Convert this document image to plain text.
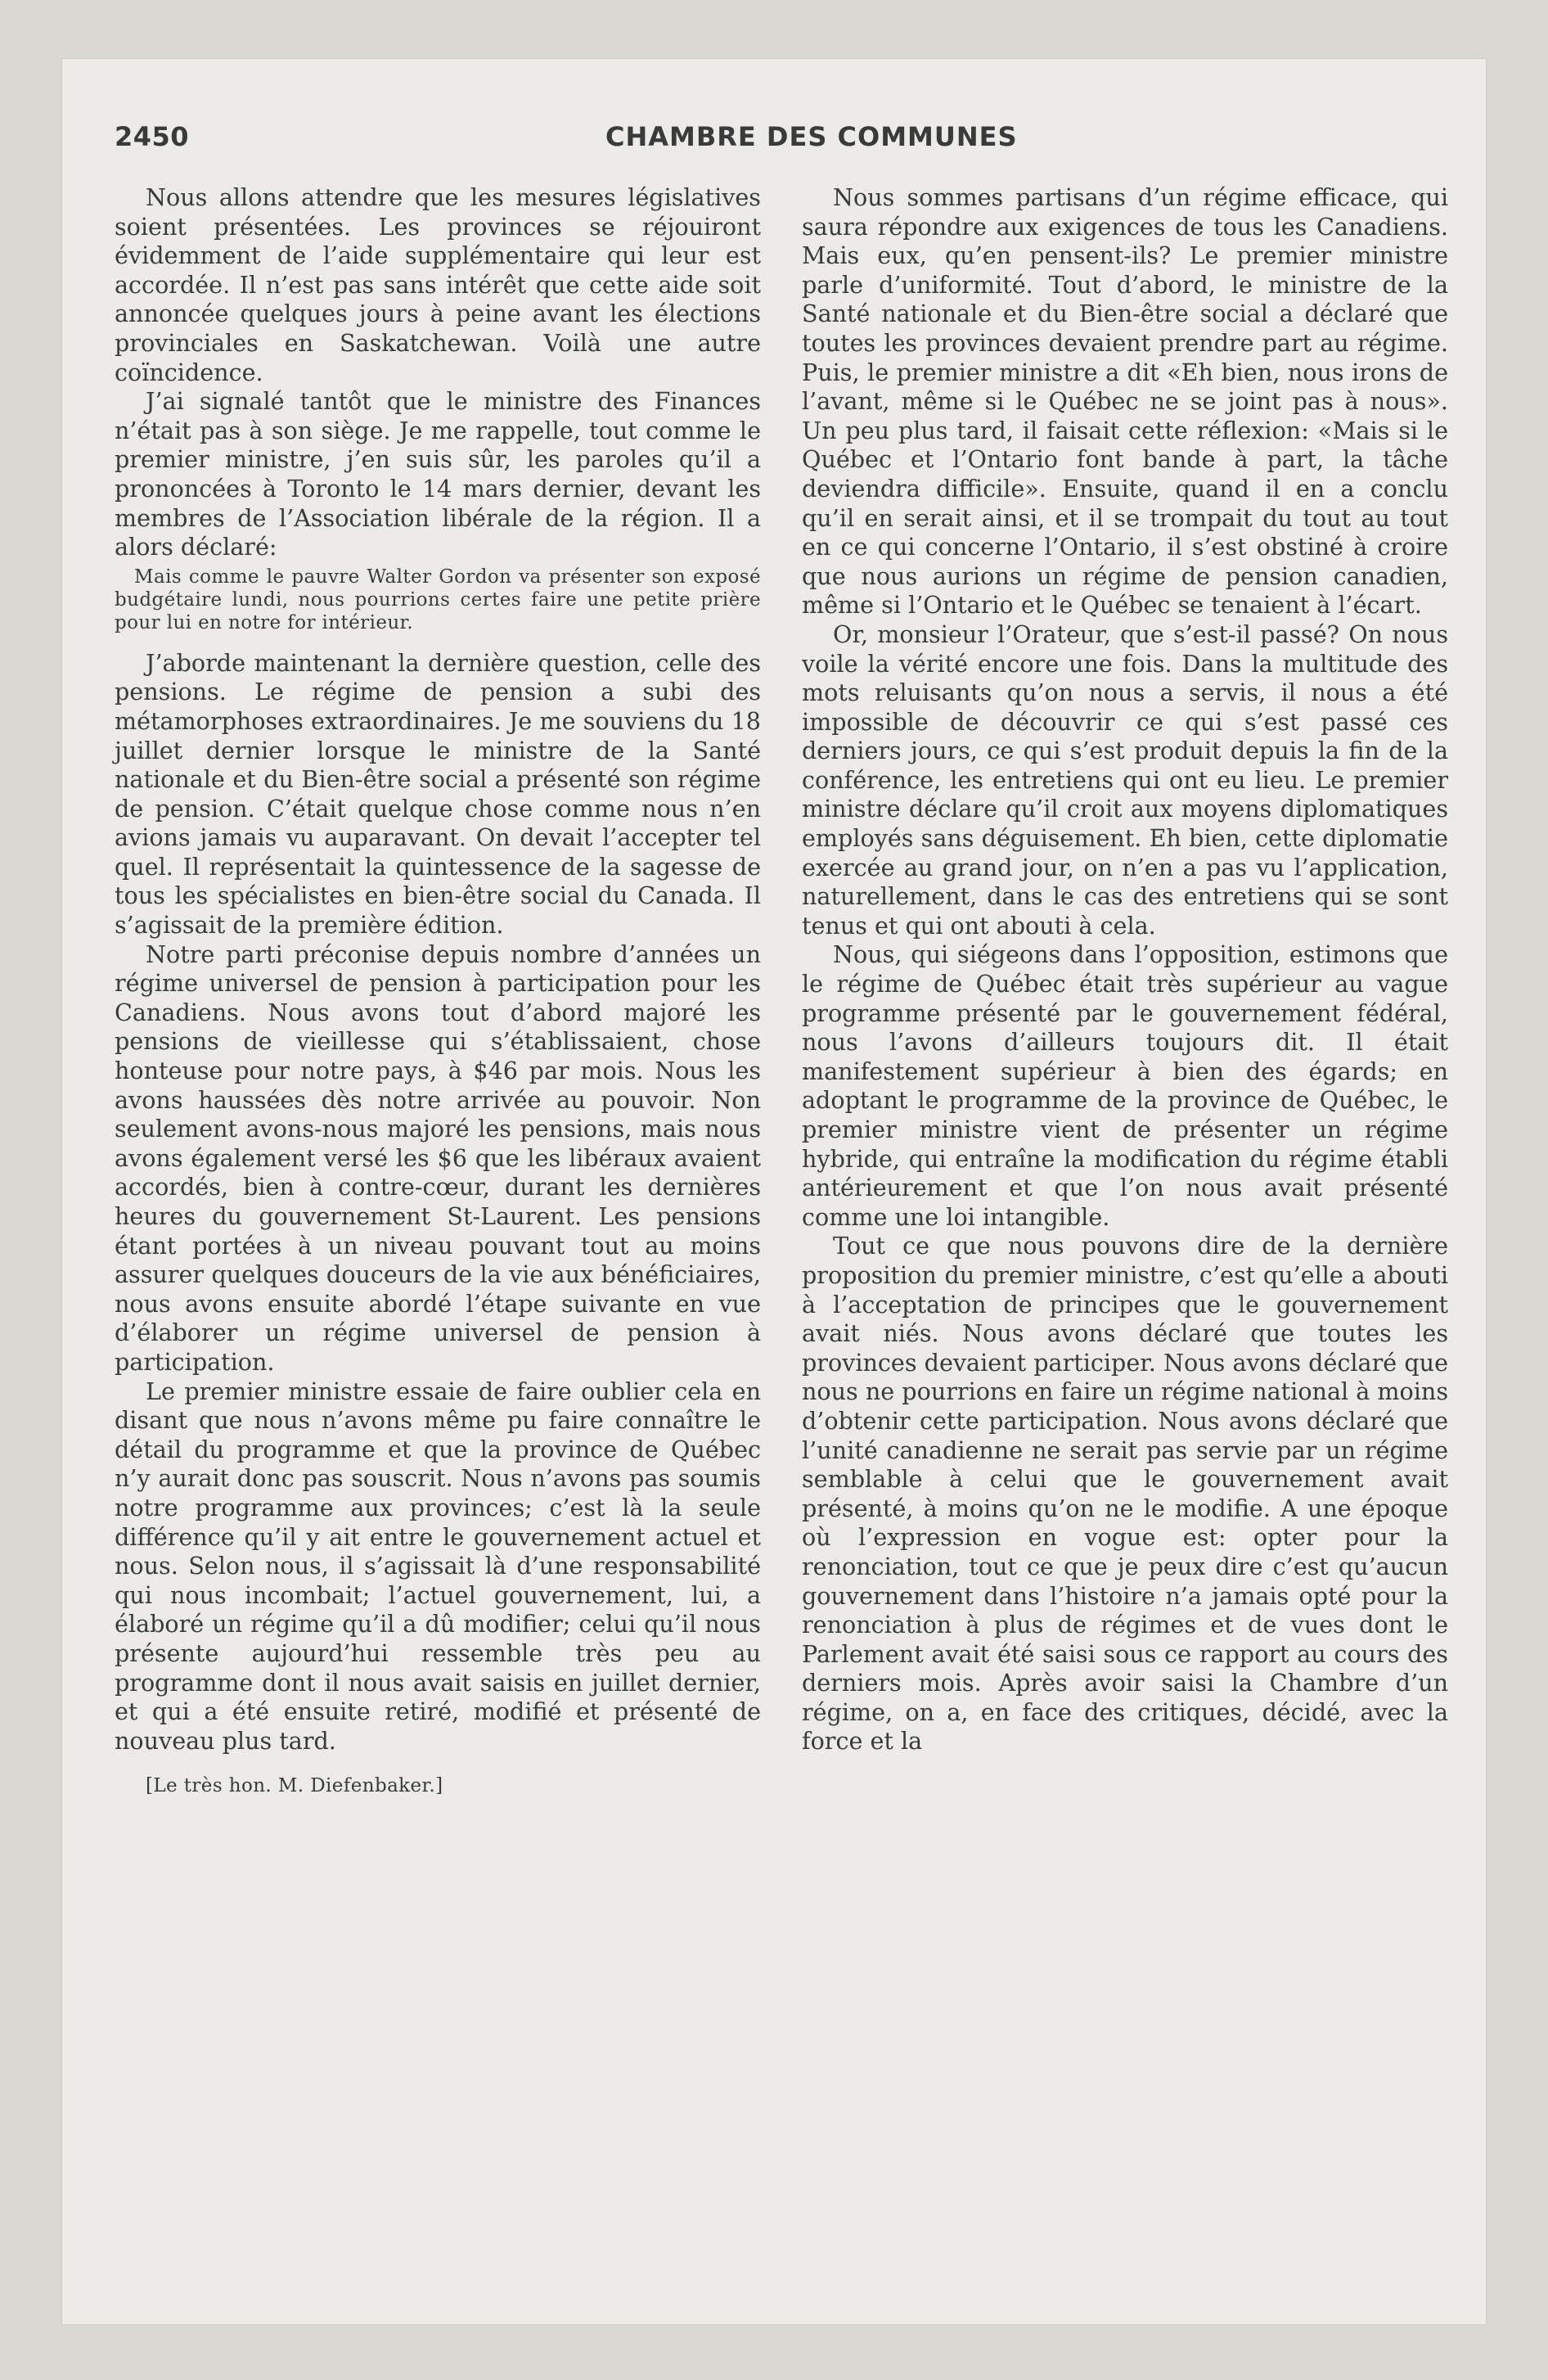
2450	CHAMBRE DES COMMUNES

Nous allons attendre que les mesures législatives soient présentées. Les provinces se réjouiront évidemment de l’aide supplémentaire qui leur est accordée. Il n’est pas sans intérêt que cette aide soit annoncée quelques jours à peine avant les élections provinciales en Saskatchewan. Voilà une autre coïncidence.

J’ai signalé tantôt que le ministre des Finances n’était pas à son siège. Je me rappelle, tout comme le premier ministre, j’en suis sûr, les paroles qu’il a prononcées à Toronto le 14 mars dernier, devant les membres de l’Association libérale de la région. Il a alors déclaré:

Mais comme le pauvre Walter Gordon va présenter son exposé budgétaire lundi, nous pourrions certes faire une petite prière pour lui en notre for intérieur.

J’aborde maintenant la dernière question, celle des pensions. Le régime de pension a subi des métamorphoses extraordinaires. Je me souviens du 18 juillet dernier lorsque le ministre de la Santé nationale et du Bien-être social a présenté son régime de pension. C’était quelque chose comme nous n’en avions jamais vu auparavant. On devait l’accepter tel quel. Il représentait la quintessence de la sagesse de tous les spécialistes en bien-être social du Canada. Il s’agissait de la première édition.

Notre parti préconise depuis nombre d’années un régime universel de pension à participation pour les Canadiens. Nous avons tout d’abord majoré les pensions de vieillesse qui s’établissaient, chose honteuse pour notre pays, à $46 par mois. Nous les avons haussées dès notre arrivée au pouvoir. Non seulement avons-nous majoré les pensions, mais nous avons également versé les $6 que les libéraux avaient accordés, bien à contre-cœur, durant les dernières heures du gouvernement St-Laurent. Les pensions étant portées à un niveau pouvant tout au moins assurer quelques douceurs de la vie aux bénéficiaires, nous avons ensuite abordé l’étape suivante en vue d’élaborer un régime universel de pension à participation.

Le premier ministre essaie de faire oublier cela en disant que nous n’avons même pu faire connaître le détail du programme et que la province de Québec n’y aurait donc pas souscrit. Nous n’avons pas soumis notre programme aux provinces; c’est là la seule différence qu’il y ait entre le gouvernement actuel et nous. Selon nous, il s’agissait là d’une responsabilité qui nous incombait; l’actuel gouvernement, lui, a élaboré un régime qu’il a dû modifier; celui qu’il nous présente aujourd’hui ressemble très peu au programme dont il nous avait saisis en juillet dernier, et qui a été ensuite retiré, modifié et présenté de nouveau plus tard.

[Le très hon. M. Diefenbaker.]

Nous sommes partisans d’un régime efficace, qui saura répondre aux exigences de tous les Canadiens. Mais eux, qu’en pensent-ils? Le premier ministre parle d’uniformité. Tout d’abord, le ministre de la Santé nationale et du Bien-être social a déclaré que toutes les provinces devaient prendre part au régime. Puis, le premier ministre a dit «Eh bien, nous irons de l’avant, même si le Québec ne se joint pas à nous». Un peu plus tard, il faisait cette réflexion: «Mais si le Québec et l’Ontario font bande à part, la tâche deviendra difficile». Ensuite, quand il en a conclu qu’il en serait ainsi, et il se trompait du tout au tout en ce qui concerne l’Ontario, il s’est obstiné à croire que nous aurions un régime de pension canadien, même si l’Ontario et le Québec se tenaient à l’écart.

Or, monsieur l’Orateur, que s’est-il passé? On nous voile la vérité encore une fois. Dans la multitude des mots reluisants qu’on nous a servis, il nous a été impossible de découvrir ce qui s’est passé ces derniers jours, ce qui s’est produit depuis la fin de la conférence, les entretiens qui ont eu lieu. Le premier ministre déclare qu’il croit aux moyens diplomatiques employés sans déguisement. Eh bien, cette diplomatie exercée au grand jour, on n’en a pas vu l’application, naturellement, dans le cas des entretiens qui se sont tenus et qui ont abouti à cela.

Nous, qui siégeons dans l’opposition, estimons que le régime de Québec était très supérieur au vague programme présenté par le gouvernement fédéral, nous l’avons d’ailleurs toujours dit. Il était manifestement supérieur à bien des égards; en adoptant le programme de la province de Québec, le premier ministre vient de présenter un régime hybride, qui entraîne la modification du régime établi antérieurement et que l’on nous avait présenté comme une loi intangible.

Tout ce que nous pouvons dire de la dernière proposition du premier ministre, c’est qu’elle a abouti à l’acceptation de principes que le gouvernement avait niés. Nous avons déclaré que toutes les provinces devaient participer. Nous avons déclaré que nous ne pourrions en faire un régime national à moins d’obtenir cette participation. Nous avons déclaré que l’unité canadienne ne serait pas servie par un régime semblable à celui que le gouvernement avait présenté, à moins qu’on ne le modifie. A une époque où l’expression en vogue est: opter pour la renonciation, tout ce que je peux dire c’est qu’aucun gouvernement dans l’histoire n’a jamais opté pour la renonciation à plus de régimes et de vues dont le Parlement avait été saisi sous ce rapport au cours des derniers mois. Après avoir saisi la Chambre d’un régime, on a, en face des critiques, décidé, avec la force et la
